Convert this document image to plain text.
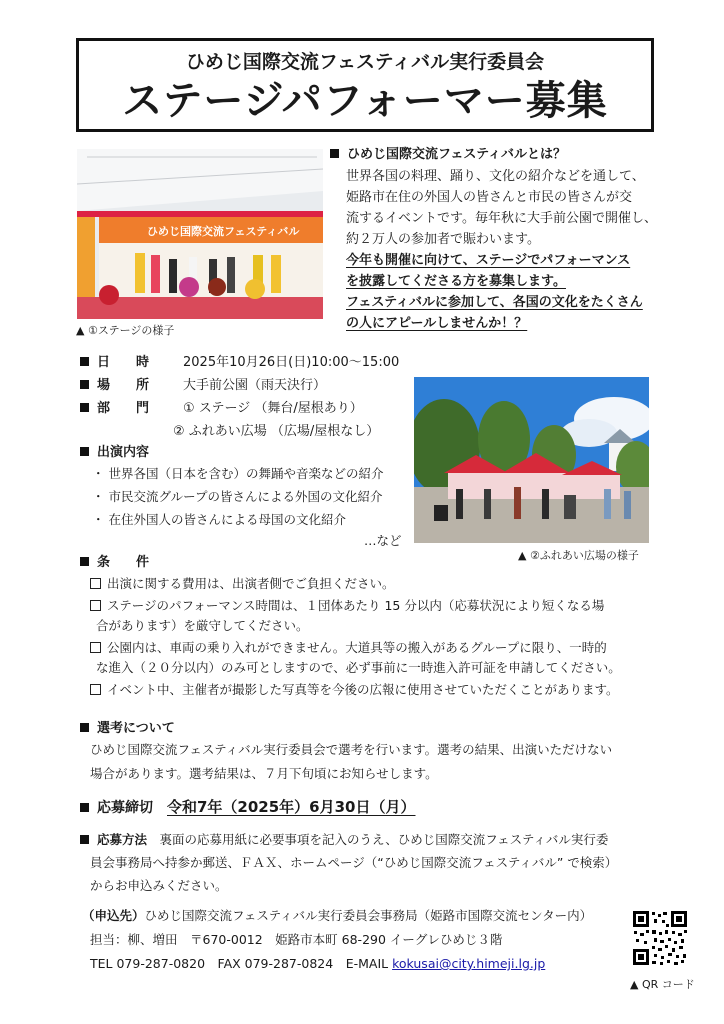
ひめじ国際交流フェスティバル実行委員会
ステージパフォーマー募集
ひめじ国際交流フェスティバル
▲ ①ステージの様子
ひめじ国際交流フェスティバルとは？
世界各国の料理、踊り、文化の紹介などを通して、
姫路市在住の外国人の皆さんと市民の皆さんが交
流するイベントです。毎年秋に大手前公園で開催し、
約２万人の参加者で賑わいます。
今年も開催に向けて、ステージでパフォーマンス
を披露してくださる方を募集します。
フェスティバルに参加して、各国の文化をたくさん
の人にアピールしませんか！？
日　　時	2025年10月26日(日)10:00～15:00
場　　所	大手前公園（雨天決行）
部　　門	① ステージ （舞台/屋根あり）
② ふれあい広場 （広場/屋根なし）
▲ ②ふれあい広場の様子
出演内容
・ 世界各国（日本を含む）の舞踊や音楽などの紹介
・ 市民交流グループの皆さんによる外国の文化紹介
・ 在住外国人の皆さんによる母国の文化紹介
…など
条　　件
出演に関する費用は、出演者側でご負担ください。
ステージのパフォーマンス時間は、１団体あたり 15 分以内（応募状況により短くなる場
合があります）を厳守してください。
公園内は、車両の乗り入れができません。大道具等の搬入があるグループに限り、一時的
な進入（２０分以内）のみ可としますので、必ず事前に一時進入許可証を申請してください。
イベント中、主催者が撮影した写真等を今後の広報に使用させていただくことがあります。
選考について
ひめじ国際交流フェスティバル実行委員会で選考を行います。選考の結果、出演いただけない
場合があります。選考結果は、７月下旬頃にお知らせします。
応募締切　 令和7年（2025年）6月30日（月）
応募方法　 裏面の応募用紙に必要事項を記入のうえ、ひめじ国際交流フェスティバル実行委
員会事務局へ持参か郵送、ＦＡＸ、ホームページ（“ひめじ国際交流フェスティバル” で検索）
からお申込みください。
（申込先）ひめじ国際交流フェスティバル実行委員会事務局（姫路市国際交流センター内）
担当：柳、増田　〒670-0012　姫路市本町 68-290 イーグレひめじ３階
TEL 079-287-0820　FAX 079-287-0824　E-MAIL kokusai@city.himeji.lg.jp
▲ QR コード
